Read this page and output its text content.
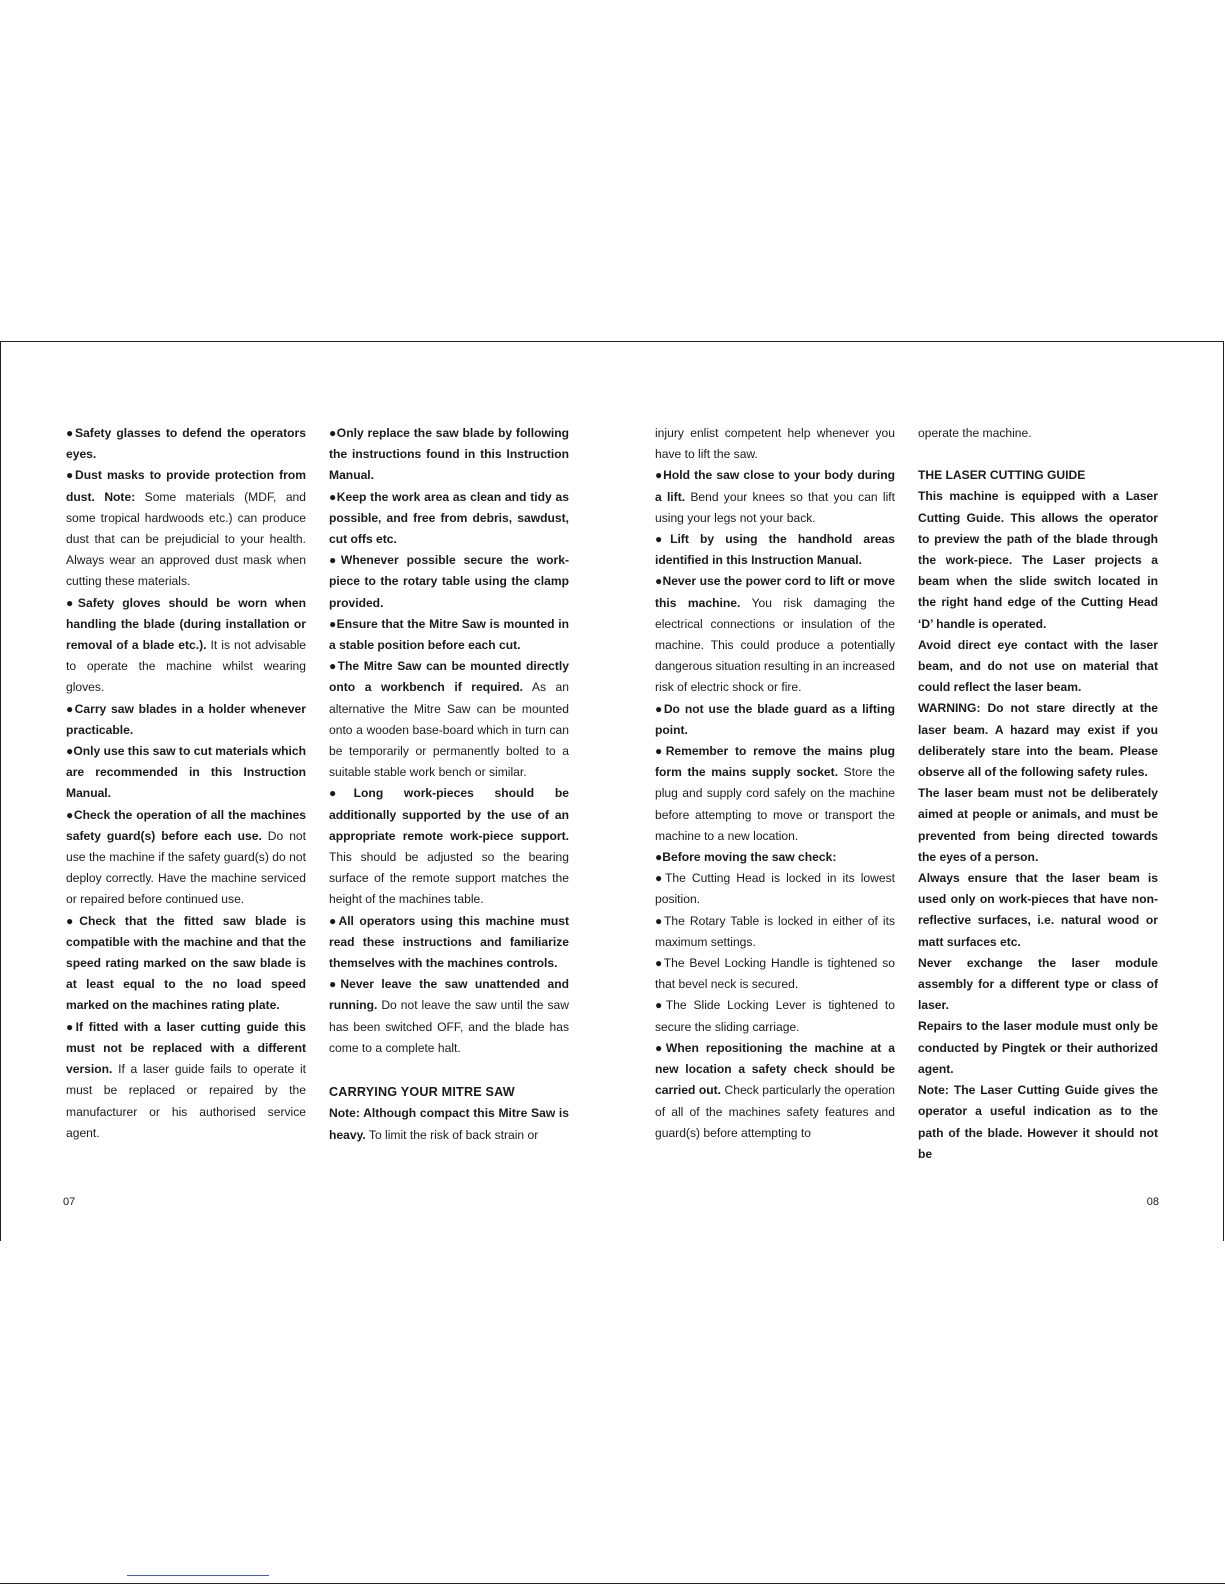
●Safety glasses to defend the operators eyes.

●Dust masks to provide protection from dust. Note: Some materials (MDF, and some tropical hardwoods etc.) can produce dust that can be prejudicial to your health. Always wear an approved dust mask when cutting these materials.

●Safety gloves should be worn when handling the blade (during installation or removal of a blade etc.). It is not advisable to operate the machine whilst wearing gloves.

●Carry saw blades in a holder whenever practicable.

●Only use this saw to cut materials which are recommended in this Instruction Manual.

●Check the operation of all the machines safety guard(s) before each use. Do not use the machine if the safety guard(s) do not deploy correctly. Have the machine serviced or repaired before continued use.

●Check that the fitted saw blade is compatible with the machine and that the speed rating marked on the saw blade is at least equal to the no load speed marked on the machines rating plate.

●If fitted with a laser cutting guide this must not be replaced with a different version. If a laser guide fails to operate it must be replaced or repaired by the manufacturer or his authorised service agent.

●Only replace the saw blade by following the instructions found in this Instruction Manual.

●Keep the work area as clean and tidy as possible, and free from debris, sawdust, cut offs etc.

●Whenever possible secure the work-piece to the rotary table using the clamp provided.

●Ensure that the Mitre Saw is mounted in a stable position before each cut.

●The Mitre Saw can be mounted directly onto a workbench if required. As an alternative the Mitre Saw can be mounted onto a wooden base-board which in turn can be temporarily or permanently bolted to a suitable stable work bench or similar.

●Long work-pieces should be additionally supported by the use of an appropriate remote work-piece support. This should be adjusted so the bearing surface of the remote support matches the height of the machines table.

●All operators using this machine must read these instructions and familiarize themselves with the machines controls.

●Never leave the saw unattended and running. Do not leave the saw until the saw has been switched OFF, and the blade has come to a complete halt.

CARRYING YOUR MITRE SAW

Note: Although compact this Mitre Saw is heavy. To limit the risk of back strain or

injury enlist competent help whenever you have to lift the saw.

●Hold the saw close to your body during a lift. Bend your knees so that you can lift using your legs not your back.

●Lift by using the handhold areas identified in this Instruction Manual.

●Never use the power cord to lift or move this machine. You risk damaging the electrical connections or insulation of the machine. This could produce a potentially dangerous situation resulting in an increased risk of electric shock or fire.

●Do not use the blade guard as a lifting point.

●Remember to remove the mains plug form the mains supply socket. Store the plug and supply cord safely on the machine before attempting to move or transport the machine to a new location.

●Before moving the saw check:

●The Cutting Head is locked in its lowest position.

●The Rotary Table is locked in either of its maximum settings.

●The Bevel Locking Handle is tightened so that bevel neck is secured.

●The Slide Locking Lever is tightened to secure the sliding carriage.

●When repositioning the machine at a new location a safety check should be carried out. Check particularly the operation of all of the machines safety features and guard(s) before attempting to

operate the machine.

THE LASER CUTTING GUIDE

This machine is equipped with a Laser Cutting Guide. This allows the operator to preview the path of the blade through the work-piece. The Laser projects a beam when the slide switch located in the right hand edge of the Cutting Head ‘D’ handle is operated.

Avoid direct eye contact with the laser beam, and do not use on material that could reflect the laser beam.

WARNING: Do not stare directly at the laser beam. A hazard may exist if you deliberately stare into the beam. Please observe all of the following safety rules.

The laser beam must not be deliberately aimed at people or animals, and must be prevented from being directed towards the eyes of a person.

Always ensure that the laser beam is used only on work-pieces that have non-reflective surfaces, i.e. natural wood or matt surfaces etc.

Never exchange the laser module assembly for a different type or class of laser.

Repairs to the laser module must only be conducted by Pingtek or their authorized agent.

Note: The Laser Cutting Guide gives the operator a useful indication as to the path of the blade. However it should not be

07	08
